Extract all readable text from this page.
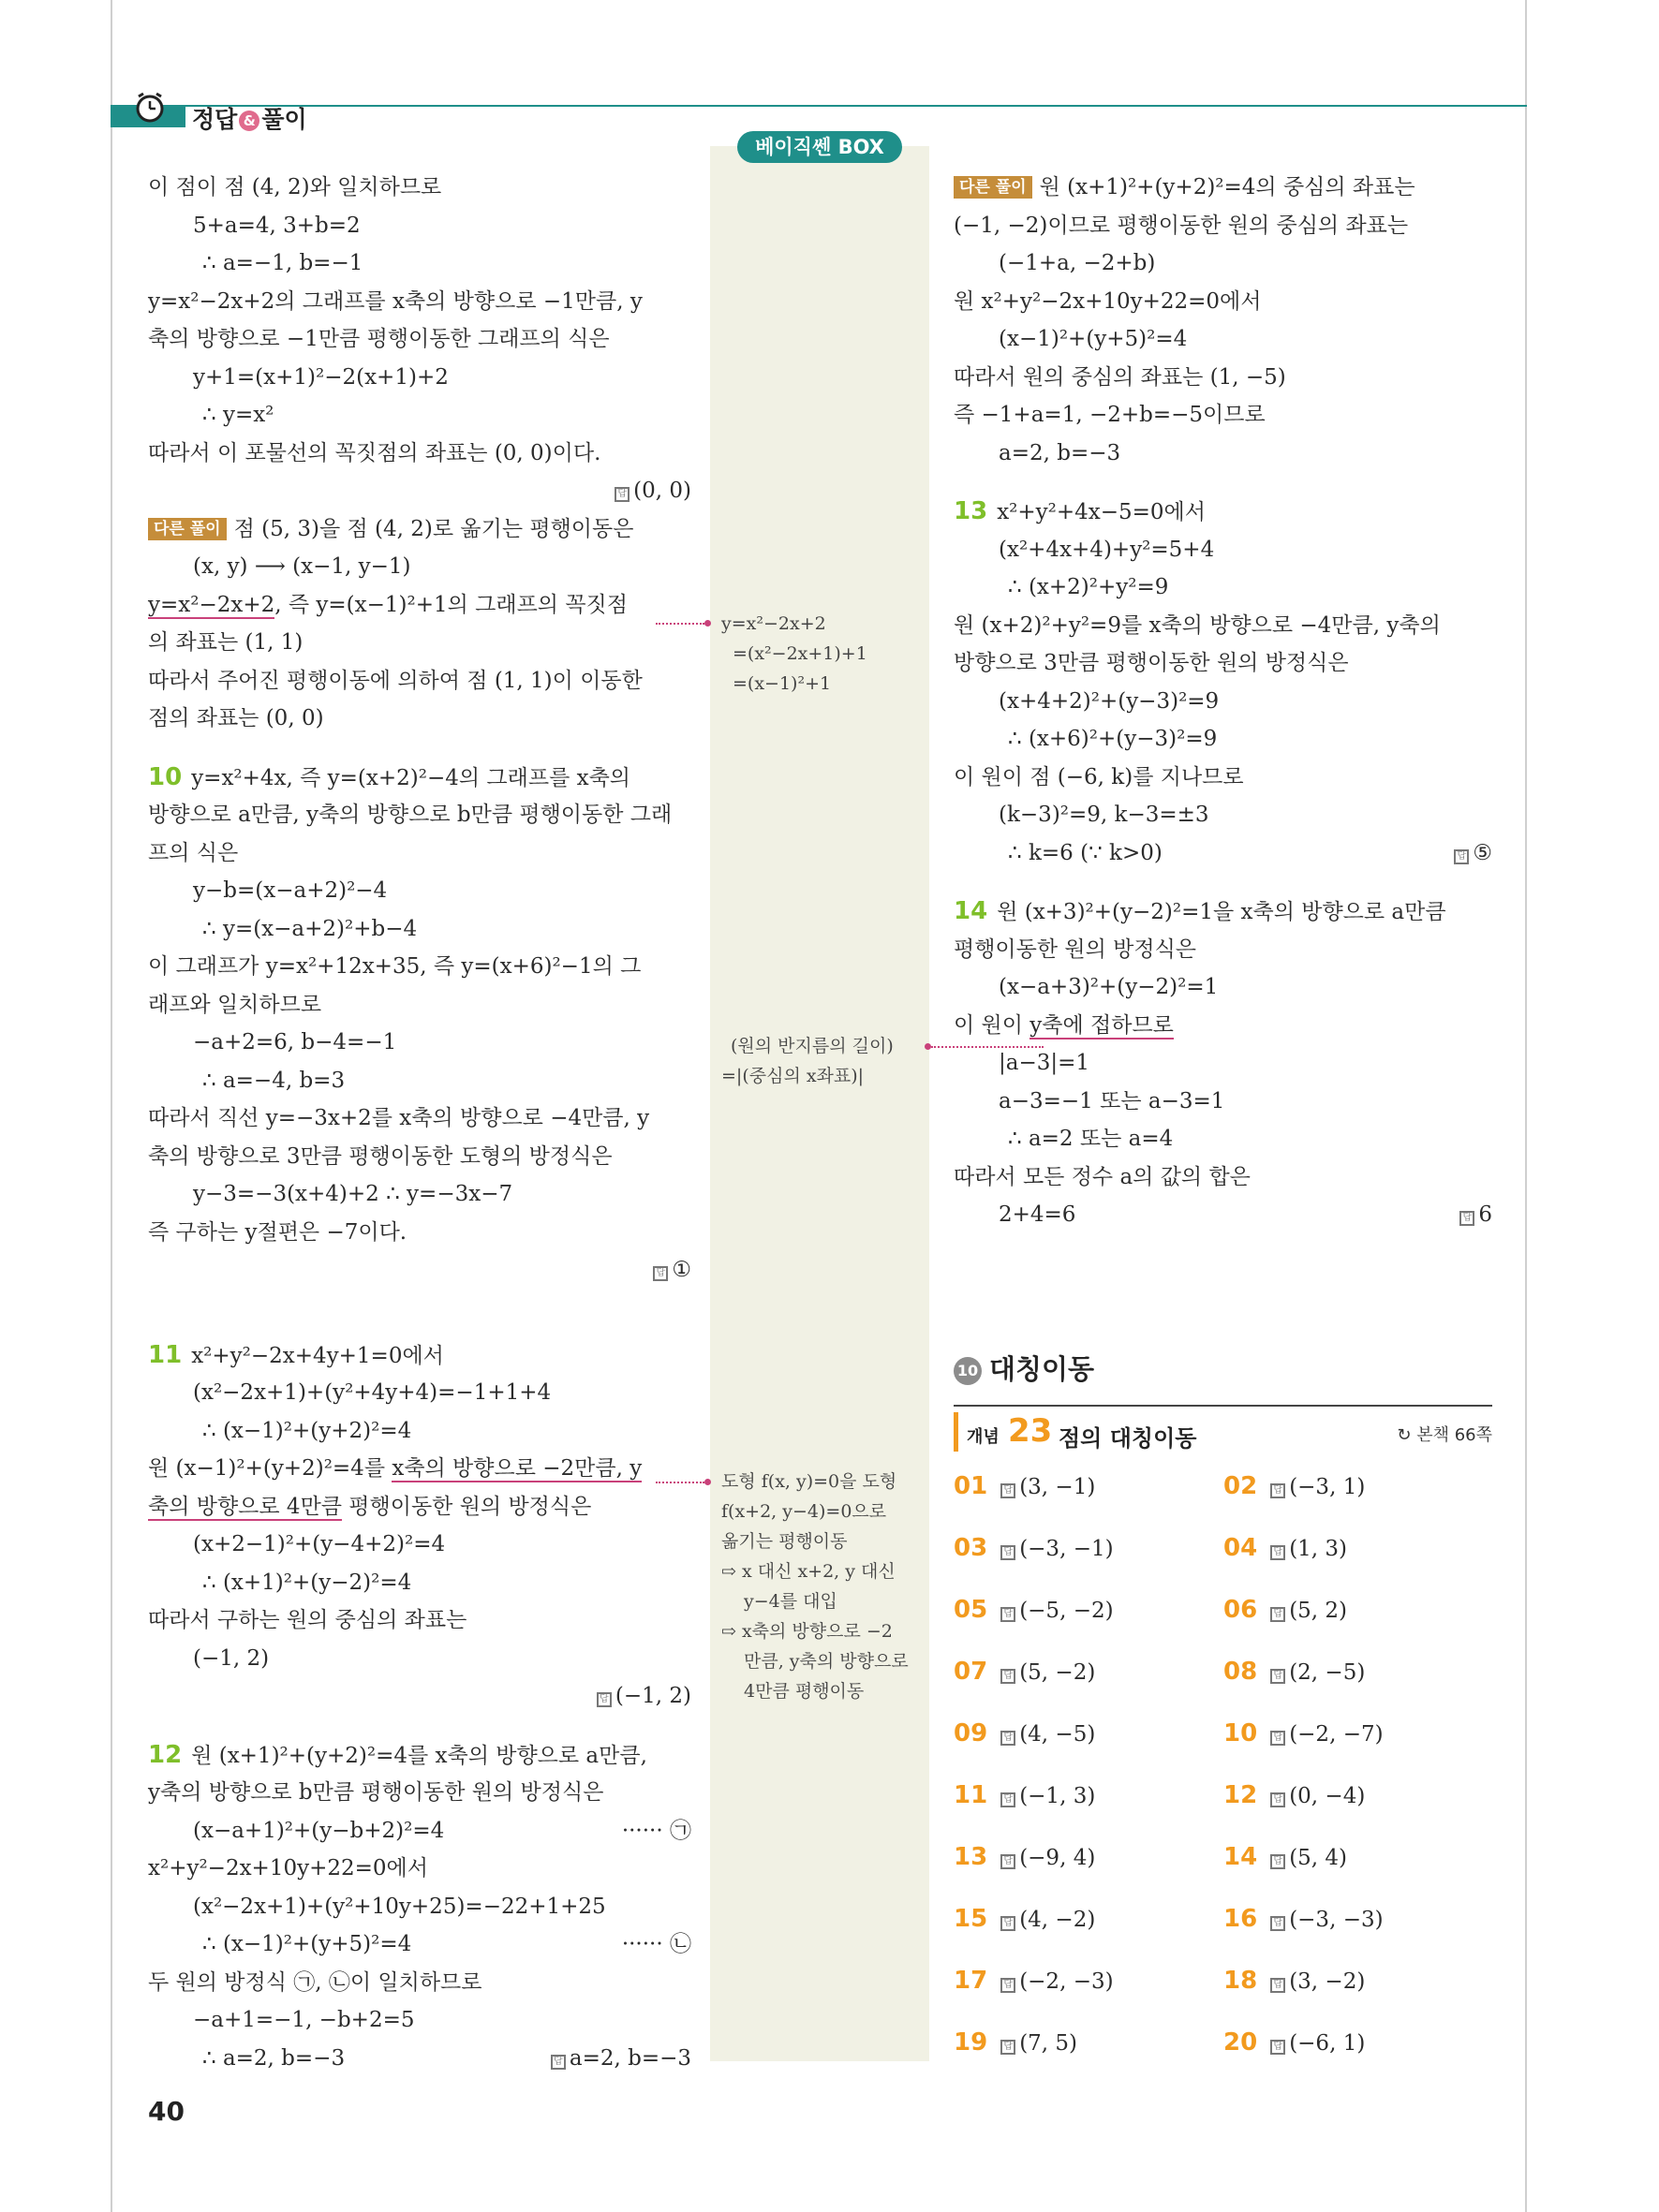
정답 & 풀이
베이직쎈 BOX
이 점이 점 (4, 2)와 일치하므로
5+a=4, 3+b=2
∴ a=−1, b=−1
y=x²−2x+2의 그래프를 x축의 방향으로 −1만큼, y
축의 방향으로 −1만큼 평행이동한 그래프의 식은
y+1=(x+1)²−2(x+1)+2
∴ y=x²
따라서 이 포물선의 꼭짓점의 좌표는 (0, 0)이다.
답 (0, 0)
다른 풀이 점 (5, 3)을 점 (4, 2)로 옮기는 평행이동은
(x, y) ⟶ (x−1, y−1)
y=x²−2x+2, 즉 y=(x−1)²+1의 그래프의 꼭짓점
의 좌표는 (1, 1)
따라서 주어진 평행이동에 의하여 점 (1, 1)이 이동한
점의 좌표는 (0, 0)
10 y=x²+4x, 즉 y=(x+2)²−4의 그래프를 x축의
방향으로 a만큼, y축의 방향으로 b만큼 평행이동한 그래
프의 식은
y−b=(x−a+2)²−4
∴ y=(x−a+2)²+b−4
이 그래프가 y=x²+12x+35, 즉 y=(x+6)²−1의 그
래프와 일치하므로
−a+2=6, b−4=−1
∴ a=−4, b=3
따라서 직선 y=−3x+2를 x축의 방향으로 −4만큼, y
축의 방향으로 3만큼 평행이동한 도형의 방정식은
y−3=−3(x+4)+2 ∴ y=−3x−7
즉 구하는 y절편은 −7이다.
답 ①
11 x²+y²−2x+4y+1=0에서
(x²−2x+1)+(y²+4y+4)=−1+1+4
∴ (x−1)²+(y+2)²=4
원 (x−1)²+(y+2)²=4를 x축의 방향으로 −2만큼, y
축의 방향으로 4만큼 평행이동한 원의 방정식은
(x+2−1)²+(y−4+2)²=4
∴ (x+1)²+(y−2)²=4
따라서 구하는 원의 중심의 좌표는
(−1, 2)
답 (−1, 2)
12 원 (x+1)²+(y+2)²=4를 x축의 방향으로 a만큼,
y축의 방향으로 b만큼 평행이동한 원의 방정식은
(x−a+1)²+(y−b+2)²=4	······ ㉠
x²+y²−2x+10y+22=0에서
(x²−2x+1)+(y²+10y+25)=−22+1+25
∴ (x−1)²+(y+5)²=4	······ ㉡
두 원의 방정식 ㉠, ㉡이 일치하므로
−a+1=−1, −b+2=5
∴ a=2, b=−3	답 a=2, b=−3
y=x²−2x+2
=(x²−2x+1)+1
=(x−1)²+1
(원의 반지름의 길이)
=|(중심의 x좌표)|
도형 f(x, y)=0을 도형
f(x+2, y−4)=0으로
옮기는 평행이동
⇨ x 대신 x+2, y 대신
y−4를 대입
⇨ x축의 방향으로 −2
만큼, y축의 방향으로
4만큼 평행이동
다른 풀이 원 (x+1)²+(y+2)²=4의 중심의 좌표는
(−1, −2)이므로 평행이동한 원의 중심의 좌표는
(−1+a, −2+b)
원 x²+y²−2x+10y+22=0에서
(x−1)²+(y+5)²=4
따라서 원의 중심의 좌표는 (1, −5)
즉 −1+a=1, −2+b=−5이므로
a=2, b=−3
13 x²+y²+4x−5=0에서
(x²+4x+4)+y²=5+4
∴ (x+2)²+y²=9
원 (x+2)²+y²=9를 x축의 방향으로 −4만큼, y축의
방향으로 3만큼 평행이동한 원의 방정식은
(x+4+2)²+(y−3)²=9
∴ (x+6)²+(y−3)²=9
이 원이 점 (−6, k)를 지나므로
(k−3)²=9, k−3=±3
∴ k=6 (∵ k>0)	답 ⑤
14 원 (x+3)²+(y−2)²=1을 x축의 방향으로 a만큼
평행이동한 원의 방정식은
(x−a+3)²+(y−2)²=1
이 원이 y축에 접하므로
|a−3|=1
a−3=−1 또는 a−3=1
∴ a=2 또는 a=4
따라서 모든 정수 a의 값의 합은
2+4=6	답 6
10 대칭이동
개념 23 점의 대칭이동	↻ 본책 66쪽
01 답 (3, −1)	02 답 (−3, 1)
03 답 (−3, −1)	04 답 (1, 3)
05 답 (−5, −2)	06 답 (5, 2)
07 답 (5, −2)	08 답 (2, −5)
09 답 (4, −5)	10 답 (−2, −7)
11 답 (−1, 3)	12 답 (0, −4)
13 답 (−9, 4)	14 답 (5, 4)
15 답 (4, −2)	16 답 (−3, −3)
17 답 (−2, −3)	18 답 (3, −2)
19 답 (7, 5)	20 답 (−6, 1)
40
